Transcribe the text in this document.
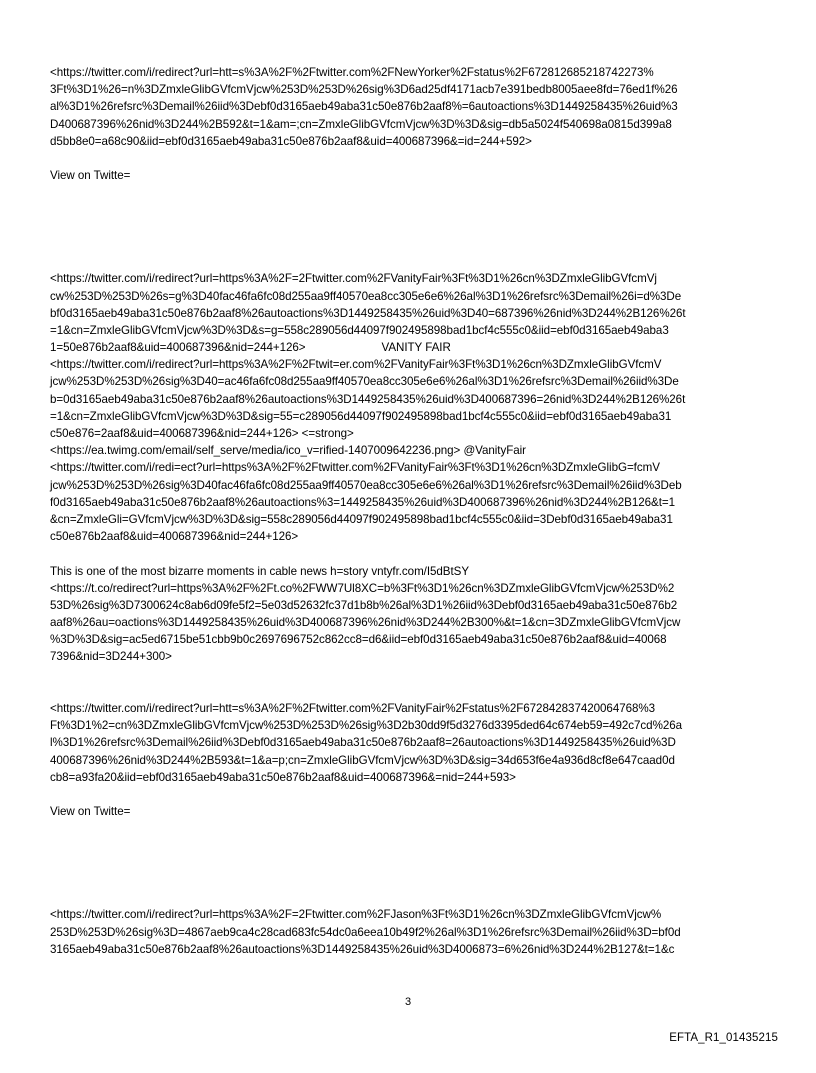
<https://twitter.com/i/redirect?url=htt=s%3A%2F%2Ftwitter.com%2FNewYorker%2Fstatus%2F672812685218742273%
3Ft%3D1%26=n%3DZmxleGlibGVfcmVjcw%253D%253D%26sig%3D6ad25df4171acb7e391bedb8005aee8fd=76ed1f%26
al%3D1%26refsrc%3Demail%26iid%3Debf0d3165aeb49aba31c50e876b2aaf8%=6autoactions%3D1449258435%26uid%3
D400687396%26nid%3D244%2B592&t=1&am=;cn=ZmxleGlibGVfcmVjcw%3D%3D&sig=db5a5024f540698a0815d399a8
d5bb8e0=a68c90&iid=ebf0d3165aeb49aba31c50e876b2aaf8&uid=400687396&=id=244+592>
View on Twitte=
<https://twitter.com/i/redirect?url=https%3A%2F=2Ftwitter.com%2FVanityFair%3Ft%3D1%26cn%3DZmxleGlibGVfcmVj
cw%253D%253D%26s=g%3D40fac46fa6fc08d255aa9ff40570ea8cc305e6e6%26al%3D1%26refsrc%3Demail%26i=d%3De
bf0d3165aeb49aba31c50e876b2aaf8%26autoactions%3D1449258435%26uid%3D40=687396%26nid%3D244%2B126%26t
=1&cn=ZmxleGlibGVfcmVjcw%3D%3D&s=g=558c289056d44097f902495898bad1bcf4c555c0&iid=ebf0d3165aeb49aba3
1=50e876b2aaf8&uid=400687396&nid=244+126>	VANITY FAIR
<https://twitter.com/i/redirect?url=https%3A%2F%2Ftwit=er.com%2FVanityFair%3Ft%3D1%26cn%3DZmxleGlibGVfcmV
jcw%253D%253D%26sig%3D40=ac46fa6fc08d255aa9ff40570ea8cc305e6e6%26al%3D1%26refsrc%3Demail%26iid%3De
b=0d3165aeb49aba31c50e876b2aaf8%26autoactions%3D1449258435%26uid%3D400687396=26nid%3D244%2B126%26t
=1&cn=ZmxleGlibGVfcmVjcw%3D%3D&sig=55=c289056d44097f902495898bad1bcf4c555c0&iid=ebf0d3165aeb49aba31
c50e876=2aaf8&uid=400687396&nid=244+126> <=strong>
<https://ea.twimg.com/email/self_serve/media/ico_v=rified-1407009642236.png> @VanityFair
<https://twitter.com/i/redi=ect?url=https%3A%2F%2Ftwitter.com%2FVanityFair%3Ft%3D1%26cn%3DZmxleGlibG=fcmV
jcw%253D%253D%26sig%3D40fac46fa6fc08d255aa9ff40570ea8cc305e6e6%26al%3D1%26refsrc%3Demail%26iid%3Deb
f0d3165aeb49aba31c50e876b2aaf8%26autoactions%3=1449258435%26uid%3D400687396%26nid%3D244%2B126&t=1
&cn=ZmxleGli=GVfcmVjcw%3D%3D&sig=558c289056d44097f902495898bad1bcf4c555c0&iid=3Debf0d3165aeb49aba31
c50e876b2aaf8&uid=400687396&nid=244+126>
This is one of the most bizarre moments in cable news h=story vntyfr.com/I5dBtSY
<https://t.co/redirect?url=https%3A%2F%2Ft.co%2FWW7Ul8XC=b%3Ft%3D1%26cn%3DZmxleGlibGVfcmVjcw%253D%2
53D%26sig%3D7300624c8ab6d09fe5f2=5e03d52632fc37d1b8b%26al%3D1%26iid%3Debf0d3165aeb49aba31c50e876b2
aaf8%26au=oactions%3D1449258435%26uid%3D400687396%26nid%3D244%2B300%&t=1&cn=3DZmxleGlibGVfcmVjcw
%3D%3D&sig=ac5ed6715be51cbb9b0c2697696752c862cc8=d6&iid=ebf0d3165aeb49aba31c50e876b2aaf8&uid=40068
7396&nid=3D244+300>
<https://twitter.com/i/redirect?url=htt=s%3A%2F%2Ftwitter.com%2FVanityFair%2Fstatus%2F672842837420064768%3
Ft%3D1%2=cn%3DZmxleGlibGVfcmVjcw%253D%253D%26sig%3D2b30dd9f5d3276d3395ded64c674eb59=492c7cd%26a
l%3D1%26refsrc%3Demail%26iid%3Debf0d3165aeb49aba31c50e876b2aaf8=26autoactions%3D1449258435%26uid%3D
400687396%26nid%3D244%2B593&t=1&a=p;cn=ZmxleGlibGVfcmVjcw%3D%3D&sig=34d653f6e4a936d8cf8e647caad0d
cb8=a93fa20&iid=ebf0d3165aeb49aba31c50e876b2aaf8&uid=400687396&=nid=244+593>
View on Twitte=
<https://twitter.com/i/redirect?url=https%3A%2F=2Ftwitter.com%2FJason%3Ft%3D1%26cn%3DZmxleGlibGVfcmVjcw%
253D%253D%26sig%3D=4867aeb9ca4c28cad683fc54dc0a6eea10b49f2%26al%3D1%26refsrc%3Demail%26iid%3D=bf0d
3165aeb49aba31c50e876b2aaf8%26autoactions%3D1449258435%26uid%3D4006873=6%26nid%3D244%2B127&t=1&c
3
EFTA_R1_01435215
